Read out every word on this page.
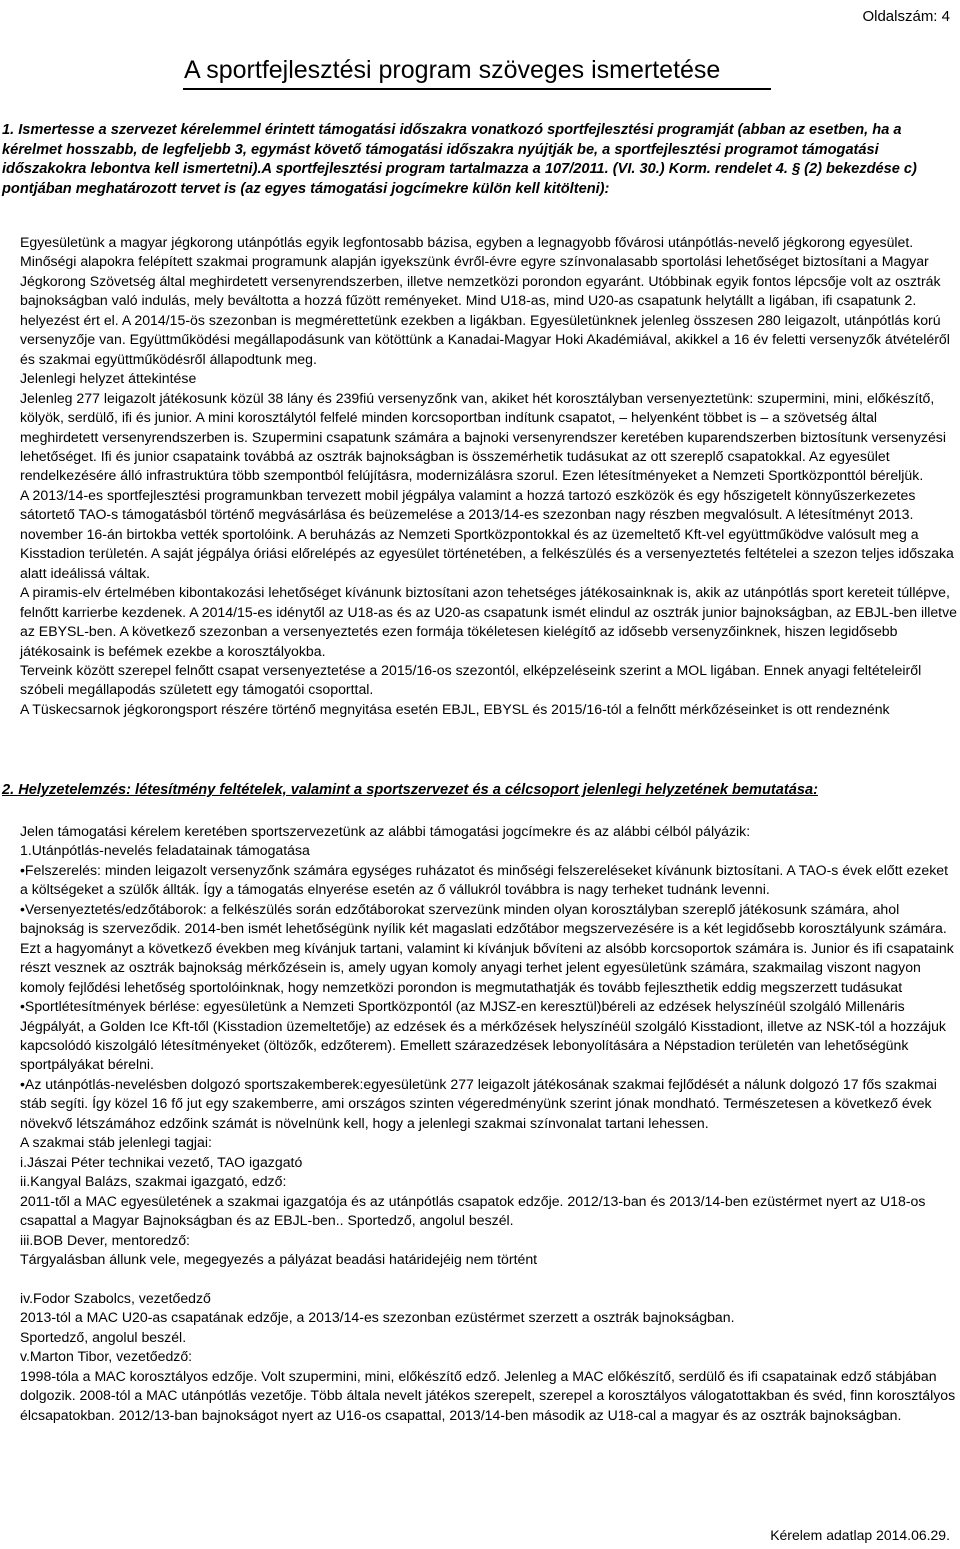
Oldalszám: 4
A sportfejlesztési program szöveges ismertetése
1. Ismertesse a szervezet kérelemmel érintett támogatási időszakra vonatkozó sportfejlesztési programját (abban az esetben, ha a kérelmet hosszabb, de legfeljebb 3, egymást követő támogatási időszakra nyújtják be, a sportfejlesztési programot támogatási időszakokra lebontva kell ismertetni).A sportfejlesztési program tartalmazza a 107/2011. (VI. 30.) Korm. rendelet 4. § (2) bekezdése c) pontjában meghatározott tervet is (az egyes támogatási jogcímekre külön kell kitölteni):

Egyesületünk a magyar jégkorong utánpótlás egyik legfontosabb bázisa, egyben a legnagyobb fővárosi utánpótlás-nevelő jégkorong egyesület. Minőségi alapokra felépített szakmai programunk alapján igyekszünk évről-évre egyre színvonalasabb sportolási lehetőséget biztosítani a Magyar Jégkorong Szövetség által meghirdetett versenyrendszerben, illetve nemzetközi porondon egyaránt. Utóbbinak egyik fontos lépcsője volt az osztrák bajnokságban való indulás, mely beváltotta a hozzá fűzött reményeket. Mind U18-as, mind U20-as csapatunk helytállt a ligában, ifi csapatunk 2. helyezést ért el. A 2014/15-ös szezonban is megmérettetünk ezekben a ligákban. Egyesületünknek jelenleg összesen 280 leigazolt, utánpótlás korú versenyzője van. Együttműködési megállapodásunk van kötöttünk a Kanadai-Magyar Hoki Akadémiával, akikkel a 16 év feletti versenyzők átvételéről és szakmai együttműködésről állapodtunk meg.

Jelenlegi helyzet áttekintése

Jelenleg 277 leigazolt játékosunk közül 38 lány és 239fiú versenyzőnk van, akiket hét korosztályban versenyeztetünk: szupermini, mini, előkészítő, kölyök, serdülő, ifi és junior. A mini korosztálytól felfelé minden korcsoportban indítunk csapatot, – helyenként többet is – a szövetség által meghirdetett versenyrendszerben is. Szupermini csapatunk számára a bajnoki versenyrendszer keretében kuparendszerben biztosítunk versenyzési lehetőséget. Ifi és junior csapataink továbbá az osztrák bajnokságban is összemérhetik tudásukat az ott szereplő csapatokkal. Az egyesület rendelkezésére álló infrastruktúra több szempontból felújításra, modernizálásra szorul. Ezen létesítményeket a Nemzeti Sportközponttól béreljük.

A 2013/14-es sportfejlesztési programunkban tervezett mobil jégpálya valamint a hozzá tartozó eszközök és egy hőszigetelt könnyűszerkezetes sátortető TAO-s támogatásból történő megvásárlása és beüzemelése a 2013/14-es szezonban nagy részben megvalósult. A létesítményt 2013. november 16-án birtokba vették sportolóink. A beruházás az Nemzeti Sportközpontokkal és az üzemeltető Kft-vel együttműködve valósult meg a Kisstadion területén. A saját jégpálya óriási előrelépés az egyesület történetében, a felkészülés és a versenyeztetés feltételei a szezon teljes időszaka alatt ideálissá váltak.

A piramis-elv értelmében kibontakozási lehetőséget kívánunk biztosítani azon tehetséges játékosainknak is, akik az utánpótlás sport kereteit túllépve, felnőtt karrierbe kezdenek. A 2014/15-es idénytől az U18-as és az U20-as csapatunk ismét elindul az osztrák junior bajnokságban, az EBJL-ben illetve az EBYSL-ben. A következő szezonban a versenyeztetés ezen formája tökéletesen kielégítő az idősebb versenyzőinknek, hiszen legidősebb játékosaink is befémek ezekbe a korosztályokba.

Terveink között szerepel felnőtt csapat versenyeztetése a 2015/16-os szezontól, elképzeléseink szerint a MOL ligában. Ennek anyagi feltételeiről szóbeli megállapodás született egy támogatói csoporttal.

A Tüskecsarnok jégkorongsport részére történő megnyitása esetén EBJL, EBYSL és 2015/16-tól a felnőtt mérkőzéseinket is ott rendeznénk

2. Helyzetelemzés: létesítmény feltételek, valamint a sportszervezet és a célcsoport jelenlegi helyzetének bemutatása:

Jelen támogatási kérelem keretében sportszervezetünk az alábbi támogatási jogcímekre és az alábbi célból pályázik:

1.Utánpótlás-nevelés feladatainak támogatása

•Felszerelés: minden leigazolt versenyzőnk számára egységes ruházatot és minőségi felszereléseket kívánunk biztosítani. A TAO-s évek előtt ezeket a költségeket a szülők állták. Így a támogatás elnyerése esetén az ő vállukról továbbra is nagy terheket tudnánk levenni.

•Versenyeztetés/edzőtáborok: a felkészülés során edzőtáborokat szervezünk minden olyan korosztályban szereplő játékosunk számára, ahol bajnokság is szerveződik. 2014-ben ismét lehetőségünk nyílik két magaslati edzőtábor megszervezésére is a két legidősebb korosztályunk számára. Ezt a hagyományt a következő években meg kívánjuk tartani, valamint ki kívánjuk bővíteni az alsóbb korcsoportok számára is. Junior és ifi csapataink részt vesznek az osztrák bajnokság mérkőzésein is, amely ugyan komoly anyagi terhet jelent egyesületünk számára, szakmailag viszont nagyon komoly fejlődési lehetőség sportolóinknak, hogy nemzetközi porondon is megmutathatják és tovább fejleszthetik eddig megszerzett tudásukat

•Sportlétesítmények bérlése: egyesületünk a Nemzeti Sportközpontól (az MJSZ-en keresztül)béreli az edzések helyszínéül szolgáló Millenáris Jégpályát, a Golden Ice Kft-től (Kisstadion üzemeltetője) az edzések és a mérkőzések helyszínéül szolgáló Kisstadiont, illetve az NSK-tól a hozzájuk kapcsolódó kiszolgáló létesítményeket (öltözők, edzőterem). Emellett szárazedzések lebonyolítására a Népstadion területén van lehetőségünk sportpályákat bérelni.

•Az utánpótlás-nevelésben dolgozó sportszakemberek:egyesületünk 277 leigazolt játékosának szakmai fejlődését a nálunk dolgozó 17 fős szakmai stáb segíti. Így közel 16 fő jut egy szakemberre, ami országos szinten végeredményünk szerint jónak mondható. Természetesen a következő évek növekvő létszámához edzőink számát is növelnünk kell, hogy a jelenlegi szakmai színvonalat tartani lehessen.

A szakmai stáb jelenlegi tagjai:

i.Jászai Péter technikai vezető, TAO igazgató

ii.Kangyal Balázs, szakmai igazgató, edző:

2011-től a MAC egyesületének a szakmai igazgatója és az utánpótlás csapatok edzője. 2012/13-ban és 2013/14-ben ezüstérmet nyert az U18-os csapattal a Magyar Bajnokságban és az EBJL-ben.. Sportedző, angolul beszél.

iii.BOB Dever, mentoredző:

Tárgyalásban állunk vele, megegyezés a pályázat beadási határidejéig nem történt

iv.Fodor Szabolcs, vezetőedző

2013-tól a MAC U20-as csapatának edzője, a 2013/14-es szezonban ezüstérmet szerzett a osztrák bajnokságban.

Sportedző, angolul beszél.

v.Marton Tibor, vezetőedző:

1998-tóla a MAC korosztályos edzője. Volt szupermini, mini, előkészítő edző. Jelenleg a MAC előkészítő, serdülő és ifi csapatainak edző stábjában dolgozik. 2008-tól a MAC utánpótlás vezetője. Több általa nevelt játékos szerepelt, szerepel a korosztályos válogatottakban és svéd, finn korosztályos élcsapatokban. 2012/13-ban bajnokságot nyert az U16-os csapattal, 2013/14-ben második az U18-cal a magyar és az osztrák bajnokságban.

Kérelem adatlap 2014.06.29.
